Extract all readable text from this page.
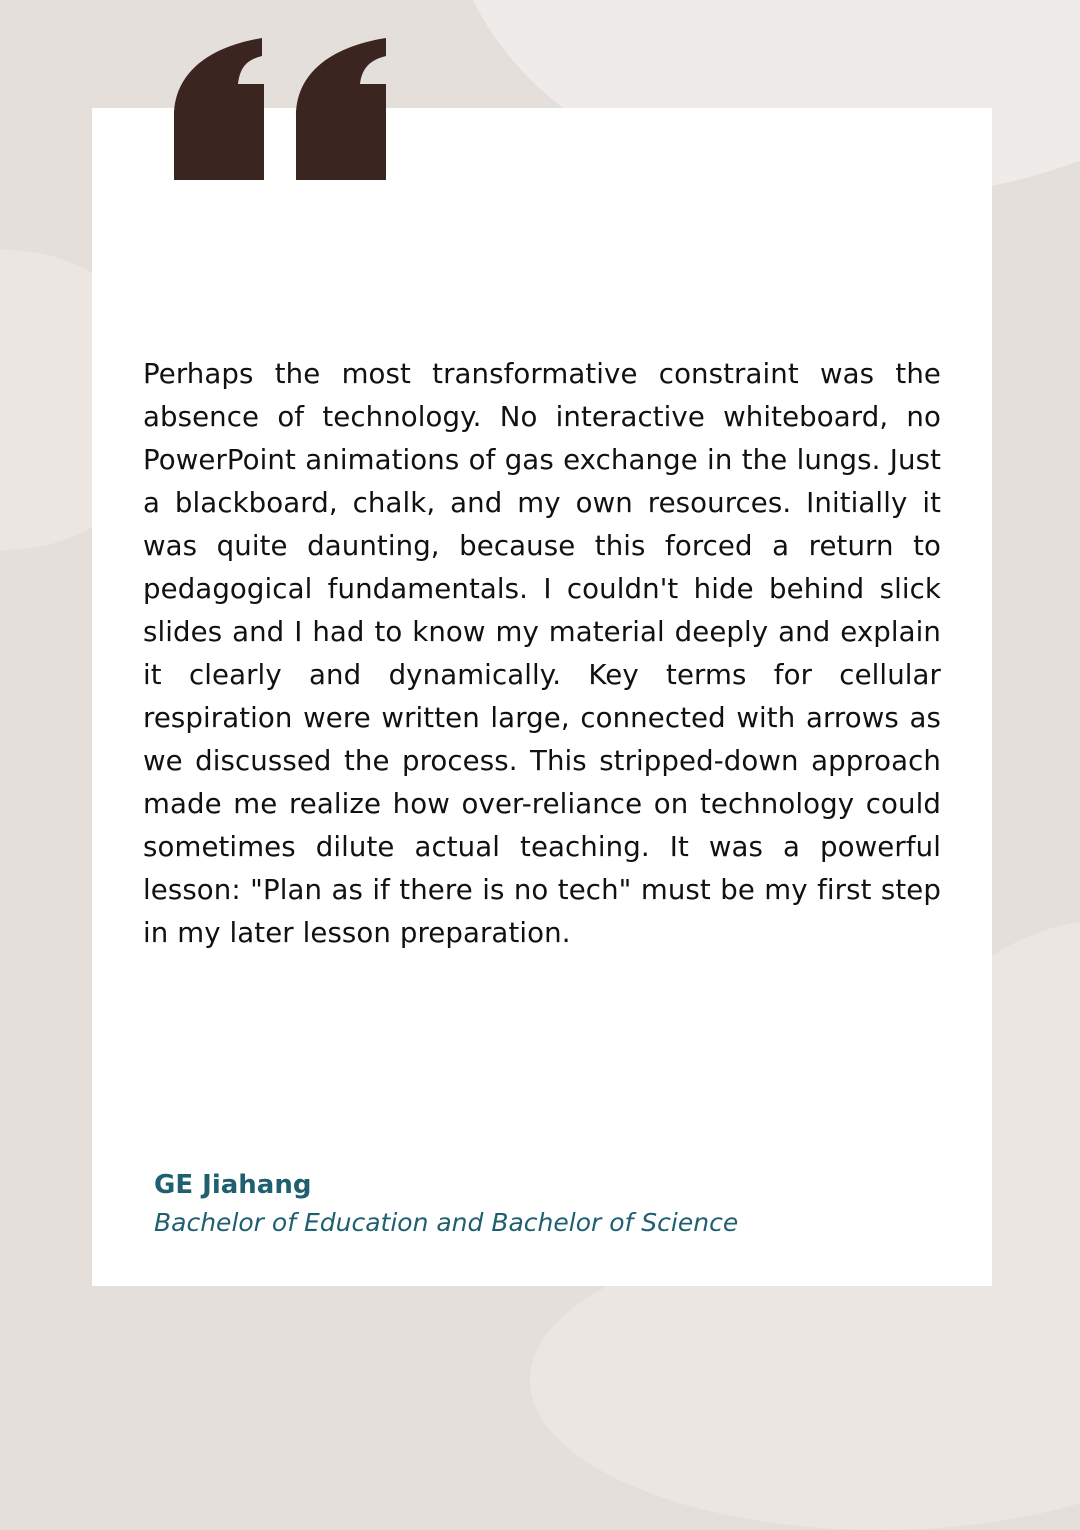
Perhaps the most transformative constraint was the absence of technology. No interactive whiteboard, no PowerPoint animations of gas exchange in the lungs. Just a blackboard, chalk, and my own resources. Initially it was quite daunting, because this forced a return to pedagogical fundamentals. I couldn't hide behind slick slides and I had to know my material deeply and explain it clearly and dynamically. Key terms for cellular respiration were written large, connected with arrows as we discussed the process. This stripped-down approach made me realize how over-reliance on technology could sometimes dilute actual teaching. It was a powerful lesson: "Plan as if there is no tech" must be my first step in my later lesson preparation.

GE Jiahang
Bachelor of Education and Bachelor of Science
